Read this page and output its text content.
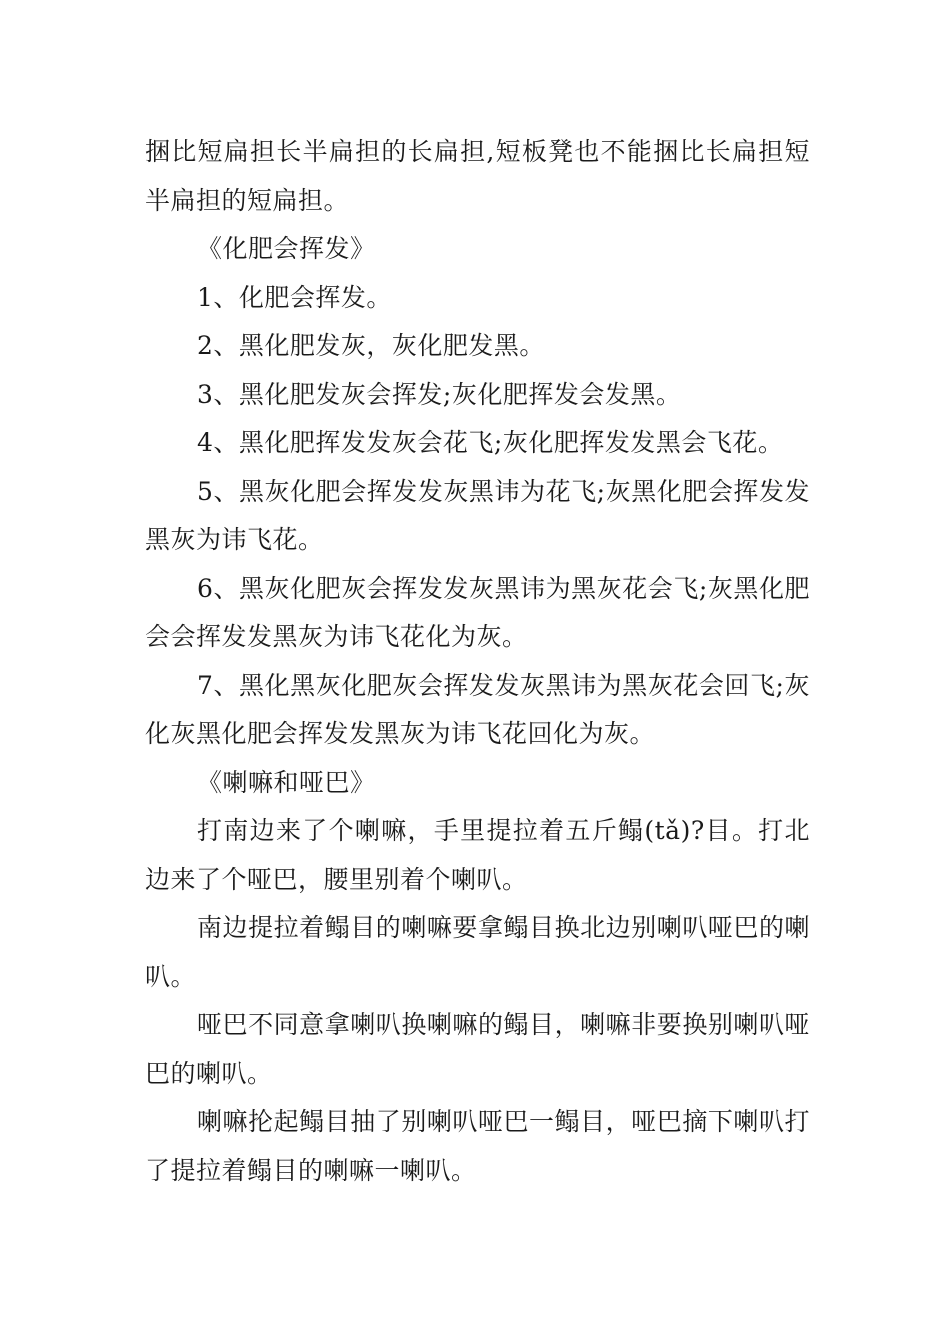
捆比短扁担长半扁担的长扁担,短板凳也不能捆比长扁担短半扁担的短扁担。

《化肥会挥发》

1、化肥会挥发。

2、黑化肥发灰，灰化肥发黑。

3、黑化肥发灰会挥发;灰化肥挥发会发黑。

4、黑化肥挥发发灰会花飞;灰化肥挥发发黑会飞花。

5、黑灰化肥会挥发发灰黑讳为花飞;灰黑化肥会挥发发黑灰为讳飞花。

6、黑灰化肥灰会挥发发灰黑讳为黑灰花会飞;灰黑化肥会会挥发发黑灰为讳飞花化为灰。

7、黑化黑灰化肥灰会挥发发灰黑讳为黑灰花会回飞;灰化灰黑化肥会挥发发黑灰为讳飞花回化为灰。

《喇嘛和哑巴》

打南边来了个喇嘛，手里提拉着五斤鳎(tǎ)?目。打北边来了个哑巴，腰里别着个喇叭。

南边提拉着鳎目的喇嘛要拿鳎目换北边别喇叭哑巴的喇叭。

哑巴不同意拿喇叭换喇嘛的鳎目，喇嘛非要换别喇叭哑巴的喇叭。

喇嘛抡起鳎目抽了别喇叭哑巴一鳎目，哑巴摘下喇叭打了提拉着鳎目的喇嘛一喇叭。
